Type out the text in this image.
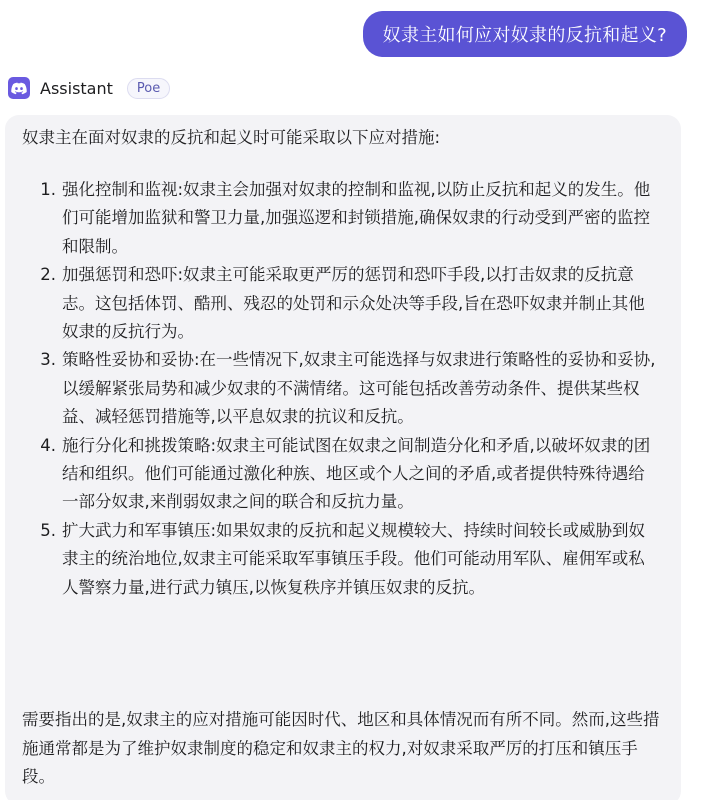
奴隶主如何应对奴隶的反抗和起义?
Assistant	Poe

奴隶主在面对奴隶的反抗和起义时可能采取以下应对措施:

1. 强化控制和监视:奴隶主会加强对奴隶的控制和监视,以防止反抗和起义的发生。他们可能增加监狱和警卫力量,加强巡逻和封锁措施,确保奴隶的行动受到严密的监控和限制。
2. 加强惩罚和恐吓:奴隶主可能采取更严厉的惩罚和恐吓手段,以打击奴隶的反抗意志。这包括体罚、酷刑、残忍的处罚和示众处决等手段,旨在恐吓奴隶并制止其他奴隶的反抗行为。
3. 策略性妥协和妥协:在一些情况下,奴隶主可能选择与奴隶进行策略性的妥协和妥协,以缓解紧张局势和减少奴隶的不满情绪。这可能包括改善劳动条件、提供某些权益、减轻惩罚措施等,以平息奴隶的抗议和反抗。
4. 施行分化和挑拨策略:奴隶主可能试图在奴隶之间制造分化和矛盾,以破坏奴隶的团结和组织。他们可能通过激化种族、地区或个人之间的矛盾,或者提供特殊待遇给一部分奴隶,来削弱奴隶之间的联合和反抗力量。
5. 扩大武力和军事镇压:如果奴隶的反抗和起义规模较大、持续时间较长或威胁到奴隶主的统治地位,奴隶主可能采取军事镇压手段。他们可能动用军队、雇佣军或私人警察力量,进行武力镇压,以恢复秩序并镇压奴隶的反抗。

需要指出的是,奴隶主的应对措施可能因时代、地区和具体情况而有所不同。然而,这些措施通常都是为了维护奴隶制度的稳定和奴隶主的权力,对奴隶采取严厉的打压和镇压手段。
